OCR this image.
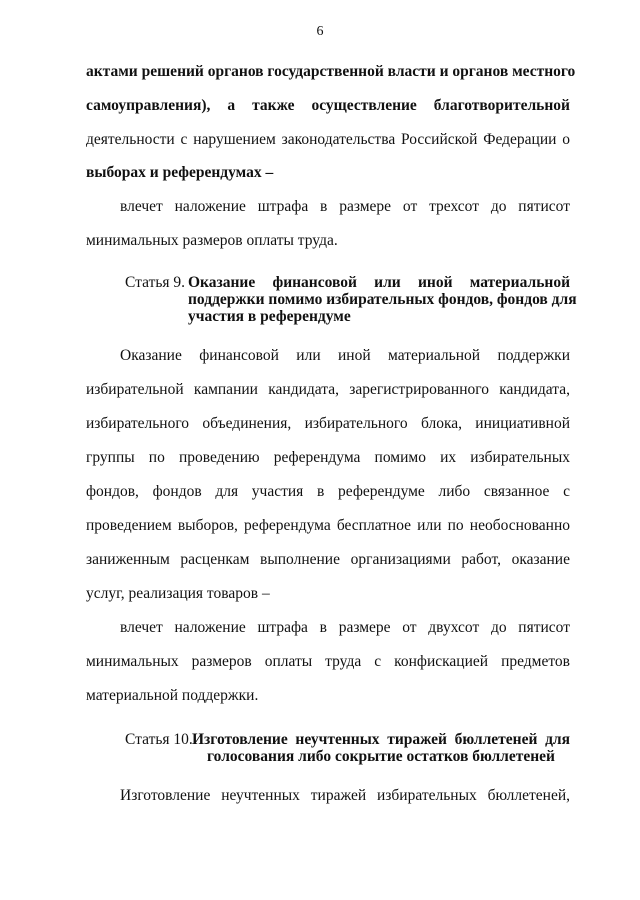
6
актами решений органов государственной власти и органов местного
самоуправления), а также осуществление благотворительной
деятельности с нарушением законодательства Российской Федерации о
выборах и референдумах –
влечет наложение штрафа в размере от трехсот до пятисот
минимальных размеров оплаты труда.
Статья 9. Оказание финансовой или иной материальной
поддержки помимо избирательных фондов, фондов для
участия в референдуме
Оказание финансовой или иной материальной поддержки
избирательной кампании кандидата, зарегистрированного кандидата,
избирательного объединения, избирательного блока, инициативной
группы по проведению референдума помимо их избирательных
фондов, фондов для участия в референдуме либо связанное с
проведением выборов, референдума бесплатное или по необоснованно
заниженным расценкам выполнение организациями работ, оказание
услуг, реализация товаров –
влечет наложение штрафа в размере от двухсот до пятисот
минимальных размеров оплаты труда с конфискацией предметов
материальной поддержки.
Статья 10. Изготовление неучтенных тиражей бюллетеней для
голосования либо сокрытие остатков бюллетеней
Изготовление неучтенных тиражей избирательных бюллетеней,
